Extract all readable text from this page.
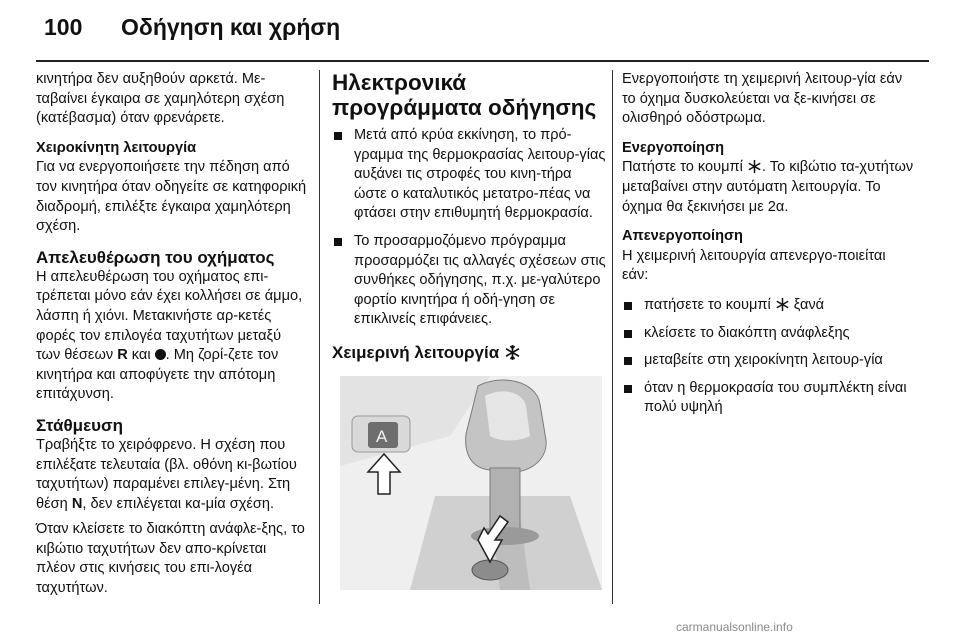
100 Οδήγηση και χρήση

κινητήρα δεν αυξηθούν αρκετά. Με-ταβαίνει έγκαιρα σε χαμηλότερη σχέση (κατέβασμα) όταν φρενάρετε.

Χειροκίνητη λειτουργία

Για να ενεργοποιήσετε την πέδηση από τον κινητήρα όταν οδηγείτε σε κατηφορική διαδρομή, επιλέξτε έγκαιρα χαμηλότερη σχέση.

Απελευθέρωση του οχήματος

Η απελευθέρωση του οχήματος επι-τρέπεται μόνο εάν έχει κολλήσει σε άμμο, λάσπη ή χιόνι. Μετακινήστε αρ-κετές φορές τον επιλογέα ταχυτήτων μεταξύ των θέσεων R και . Μη ζορί-ζετε τον κινητήρα και αποφύγετε την απότομη επιτάχυνση.

Στάθμευση

Τραβήξτε το χειρόφρενο. Η σχέση που επιλέξατε τελευταία (βλ. οθόνη κι-βωτίου ταχυτήτων) παραμένει επιλεγ-μένη. Στη θέση N, δεν επιλέγεται κα-μία σχέση.

Όταν κλείσετε το διακόπτη ανάφλε-ξης, το κιβώτιο ταχυτήτων δεν απο-κρίνεται πλέον στις κινήσεις του επι-λογέα ταχυτήτων.

Ηλεκτρονικά προγράμματα οδήγησης

Μετά από κρύα εκκίνηση, το πρό-γραμμα της θερμοκρασίας λειτουρ-γίας αυξάνει τις στροφές του κινη-τήρα ώστε ο καταλυτικός μετατρο-πέας να φτάσει στην επιθυμητή θερμοκρασία.

Το προσαρμοζόμενο πρόγραμμα προσαρμόζει τις αλλαγές σχέσεων στις συνθήκες οδήγησης, π.χ. με-γαλύτερο φορτίο κινητήρα ή οδή-γηση σε επικλινείς επιφάνειες.

Χειμερινή λειτουργία

A

Ενεργοποιήστε τη χειμερινή λειτουρ-γία εάν το όχημα δυσκολεύεται να ξε-κινήσει σε ολισθηρό οδόστρωμα.

Ενεργοποίηση

Πατήστε το κουμπί . Το κιβώτιο τα-χυτήτων μεταβαίνει στην αυτόματη λειτουργία. Το όχημα θα ξεκινήσει με 2α.

Απενεργοποίηση

Η χειμερινή λειτουργία απενεργο-ποιείται εάν:

πατήσετε το κουμπί  ξανά

κλείσετε το διακόπτη ανάφλεξης

μεταβείτε στη χειροκίνητη λειτουρ-γία

όταν η θερμοκρασία του συμπλέκτη είναι πολύ υψηλή

carmanualsonline.info
